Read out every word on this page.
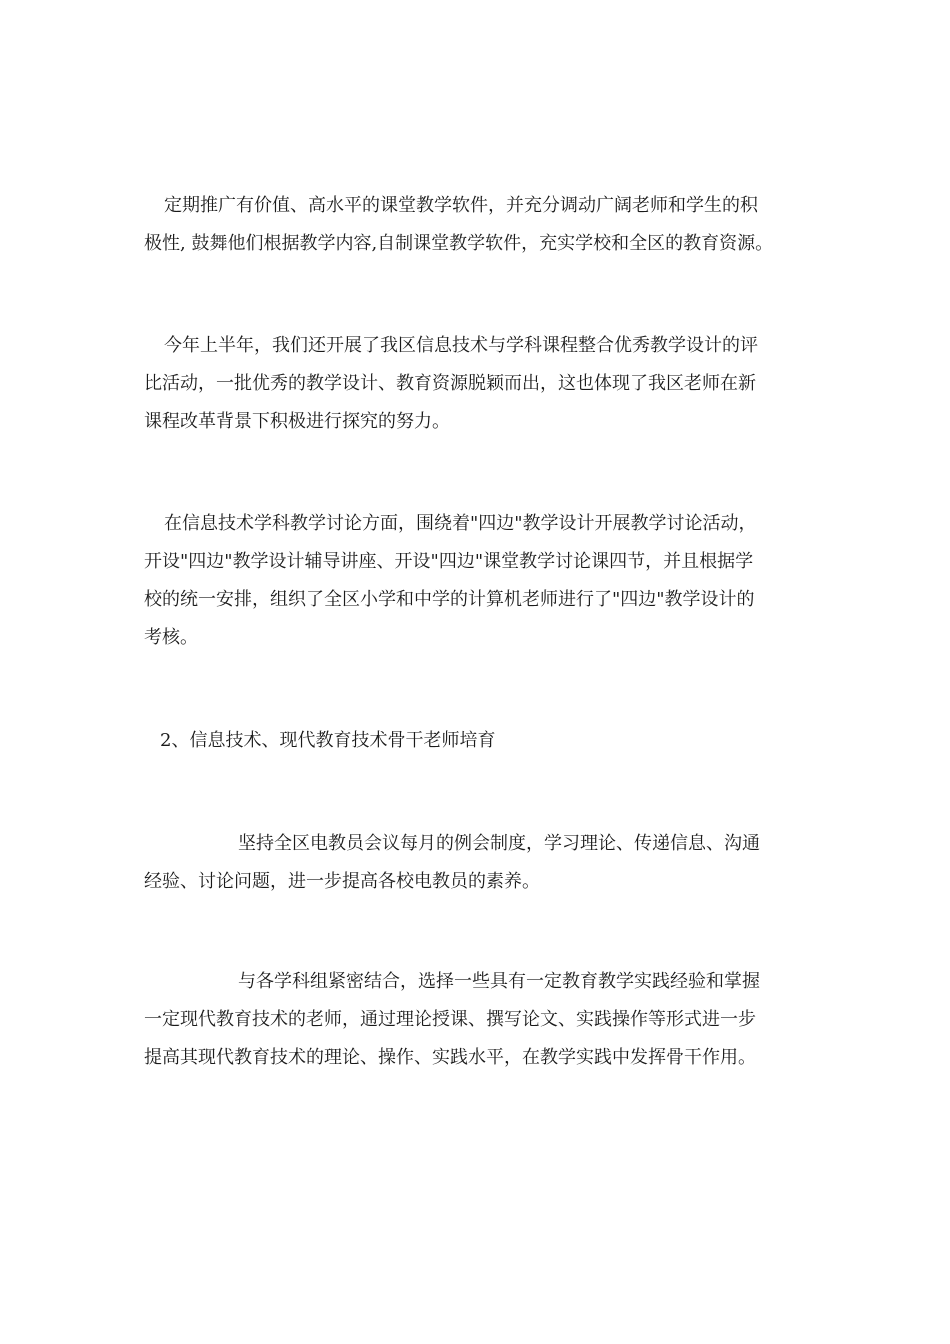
定期推广有价值、高水平的课堂教学软件，并充分调动广阔老师和学生的积
极性, 鼓舞他们根据教学内容,自制课堂教学软件，充实学校和全区的教育资源。

今年上半年，我们还开展了我区信息技术与学科课程整合优秀教学设计的评
比活动，一批优秀的教学设计、教育资源脱颖而出，这也体现了我区老师在新
课程改革背景下积极进行探究的努力。

在信息技术学科教学讨论方面，围绕着"四边"教学设计开展教学讨论活动，
开设"四边"教学设计辅导讲座、开设"四边"课堂教学讨论课四节，并且根据学
校的统一安排，组织了全区小学和中学的计算机老师进行了"四边"教学设计的
考核。

2、信息技术、现代教育技术骨干老师培育

坚持全区电教员会议每月的例会制度，学习理论、传递信息、沟通
经验、讨论问题，进一步提高各校电教员的素养。

与各学科组紧密结合，选择一些具有一定教育教学实践经验和掌握
一定现代教育技术的老师，通过理论授课、撰写论文、实践操作等形式进一步
提高其现代教育技术的理论、操作、实践水平，在教学实践中发挥骨干作用。
